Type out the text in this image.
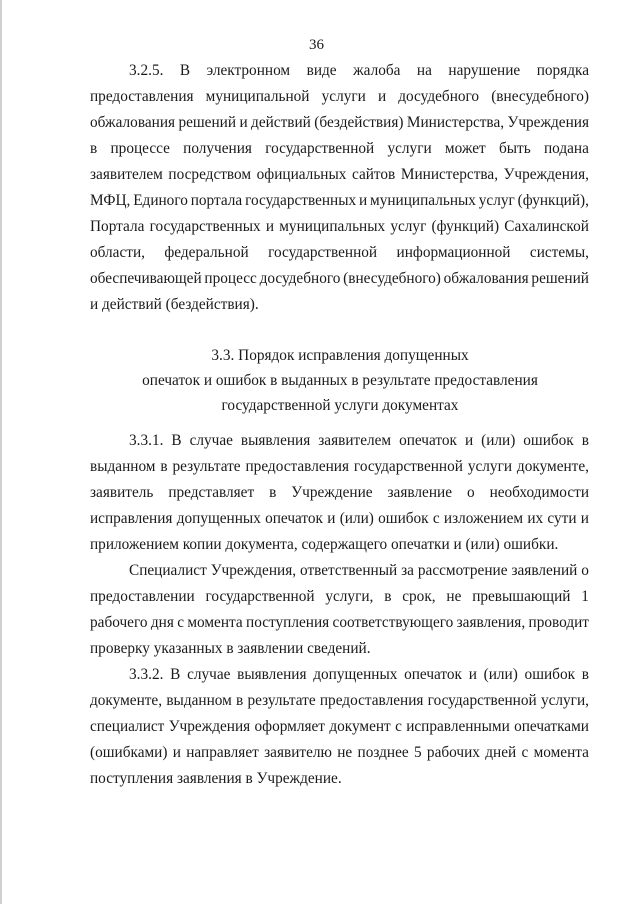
36
3.2.5. В электронном виде жалоба на нарушение порядка
предоставления муниципальной услуги и досудебного (внесудебного)
обжалования решений и действий (бездействия) Министерства, Учреждения
в процессе получения государственной услуги может быть подана
заявителем посредством официальных сайтов Министерства, Учреждения,
МФЦ, Единого портала государственных и муниципальных услуг (функций),
Портала государственных и муниципальных услуг (функций) Сахалинской
области, федеральной государственной информационной системы,
обеспечивающей процесс досудебного (внесудебного) обжалования решений
и действий (бездействия).
3.3.1. В случае выявления заявителем опечаток и (или) ошибок в
выданном в результате предоставления государственной услуги документе,
заявитель представляет в Учреждение заявление о необходимости
исправления допущенных опечаток и (или) ошибок с изложением их сути и
приложением копии документа, содержащего опечатки и (или) ошибки.
Специалист Учреждения, ответственный за рассмотрение заявлений о
предоставлении государственной услуги, в срок, не превышающий 1
рабочего дня с момента поступления соответствующего заявления, проводит
проверку указанных в заявлении сведений.
3.3.2. В случае выявления допущенных опечаток и (или) ошибок в
документе, выданном в результате предоставления государственной услуги,
специалист Учреждения оформляет документ с исправленными опечатками
(ошибками) и направляет заявителю не позднее 5 рабочих дней с момента
поступления заявления в Учреждение.
3.3. Порядок исправления допущенных
опечаток и ошибок в выданных в результате предоставления
государственной услуги документах
